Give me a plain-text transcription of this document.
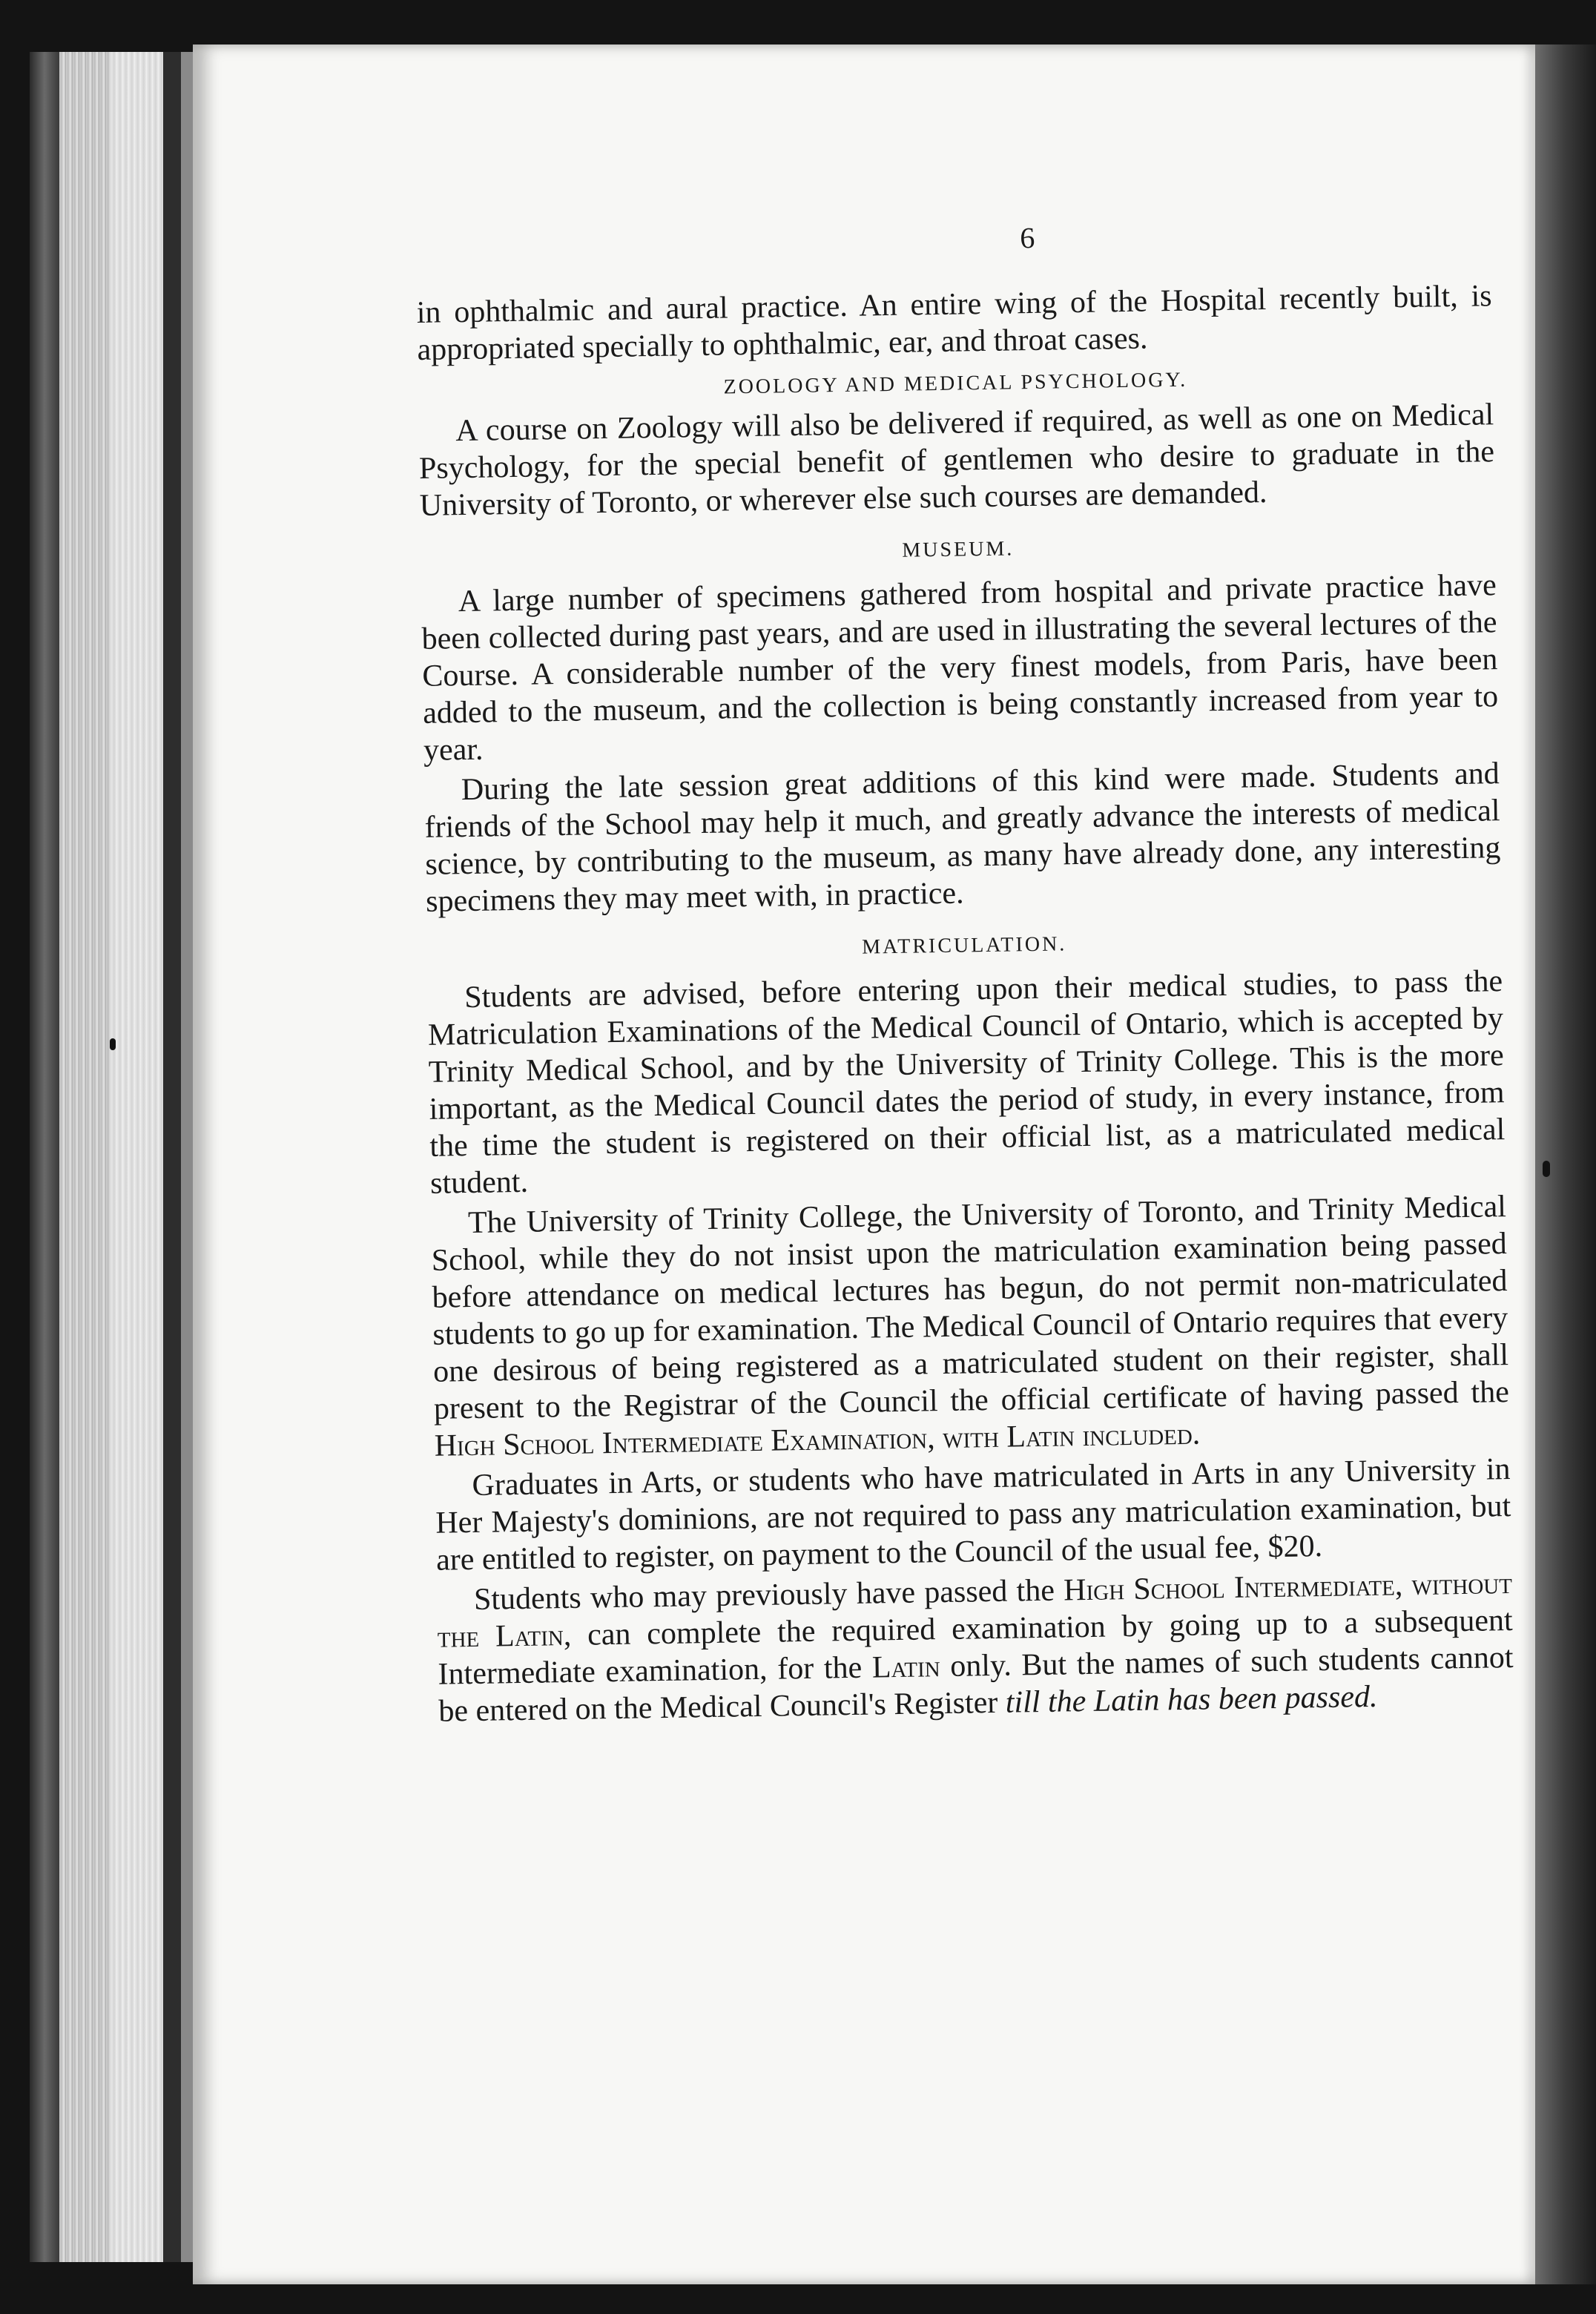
6

in ophthalmic and aural practice. An entire wing of the Hospital recently built, is appropriated specially to ophthalmic, ear, and throat cases.

ZOOLOGY AND MEDICAL PSYCHOLOGY.

A course on Zoology will also be delivered if required, as well as one on Medical Psychology, for the special benefit of gentlemen who desire to graduate in the University of Toronto, or wherever else such courses are demanded.

MUSEUM.

A large number of specimens gathered from hospital and private practice have been collected during past years, and are used in illustrating the several lectures of the Course. A considerable number of the very finest models, from Paris, have been added to the museum, and the collection is being constantly increased from year to year.

During the late session great additions of this kind were made. Students and friends of the School may help it much, and greatly advance the interests of medical science, by contributing to the museum, as many have already done, any interesting specimens they may meet with, in practice.

MATRICULATION.

Students are advised, before entering upon their medical studies, to pass the Matriculation Examinations of the Medical Council of Ontario, which is accepted by Trinity Medical School, and by the University of Trinity College. This is the more important, as the Medical Council dates the period of study, in every instance, from the time the student is registered on their official list, as a matriculated medical student.

The University of Trinity College, the University of Toronto, and Trinity Medical School, while they do not insist upon the matriculation examination being passed before attendance on medical lectures has begun, do not permit non-matriculated students to go up for examination. The Medical Council of Ontario requires that every one desirous of being registered as a matriculated student on their register, shall present to the Registrar of the Council the official certificate of having passed the High School Intermediate Examination, with Latin included.

Graduates in Arts, or students who have matriculated in Arts in any University in Her Majesty's dominions, are not required to pass any matriculation examination, but are entitled to register, on payment to the Council of the usual fee, $20.

Students who may previously have passed the High School Intermediate, without the Latin, can complete the required examination by going up to a subsequent Intermediate examination, for the Latin only. But the names of such students cannot be entered on the Medical Council's Register till the Latin has been passed.
